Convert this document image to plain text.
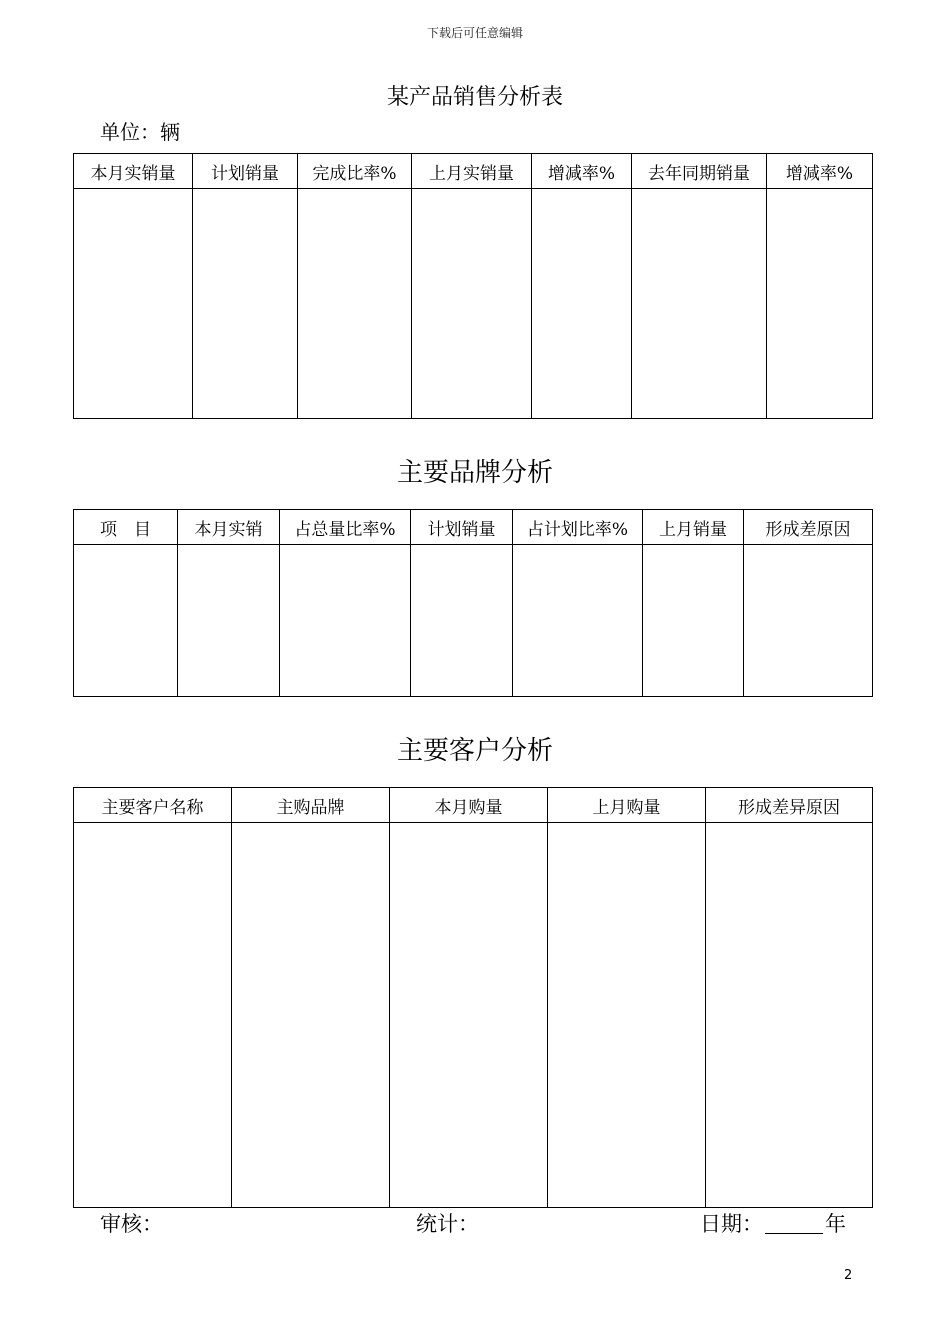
下载后可任意编辑
某产品销售分析表
单位：辆
本月实销量	计划销量	完成比率%	上月实销量	增减率%	去年同期销量	增减率%

主要品牌分析
项　目	本月实销	占总量比率%	计划销量	占计划比率%	上月销量	形成差原因

主要客户分析
主要客户名称	主购品牌	本月购量	上月购量	形成差异原因

审核：	统计：	日期：	年
2
